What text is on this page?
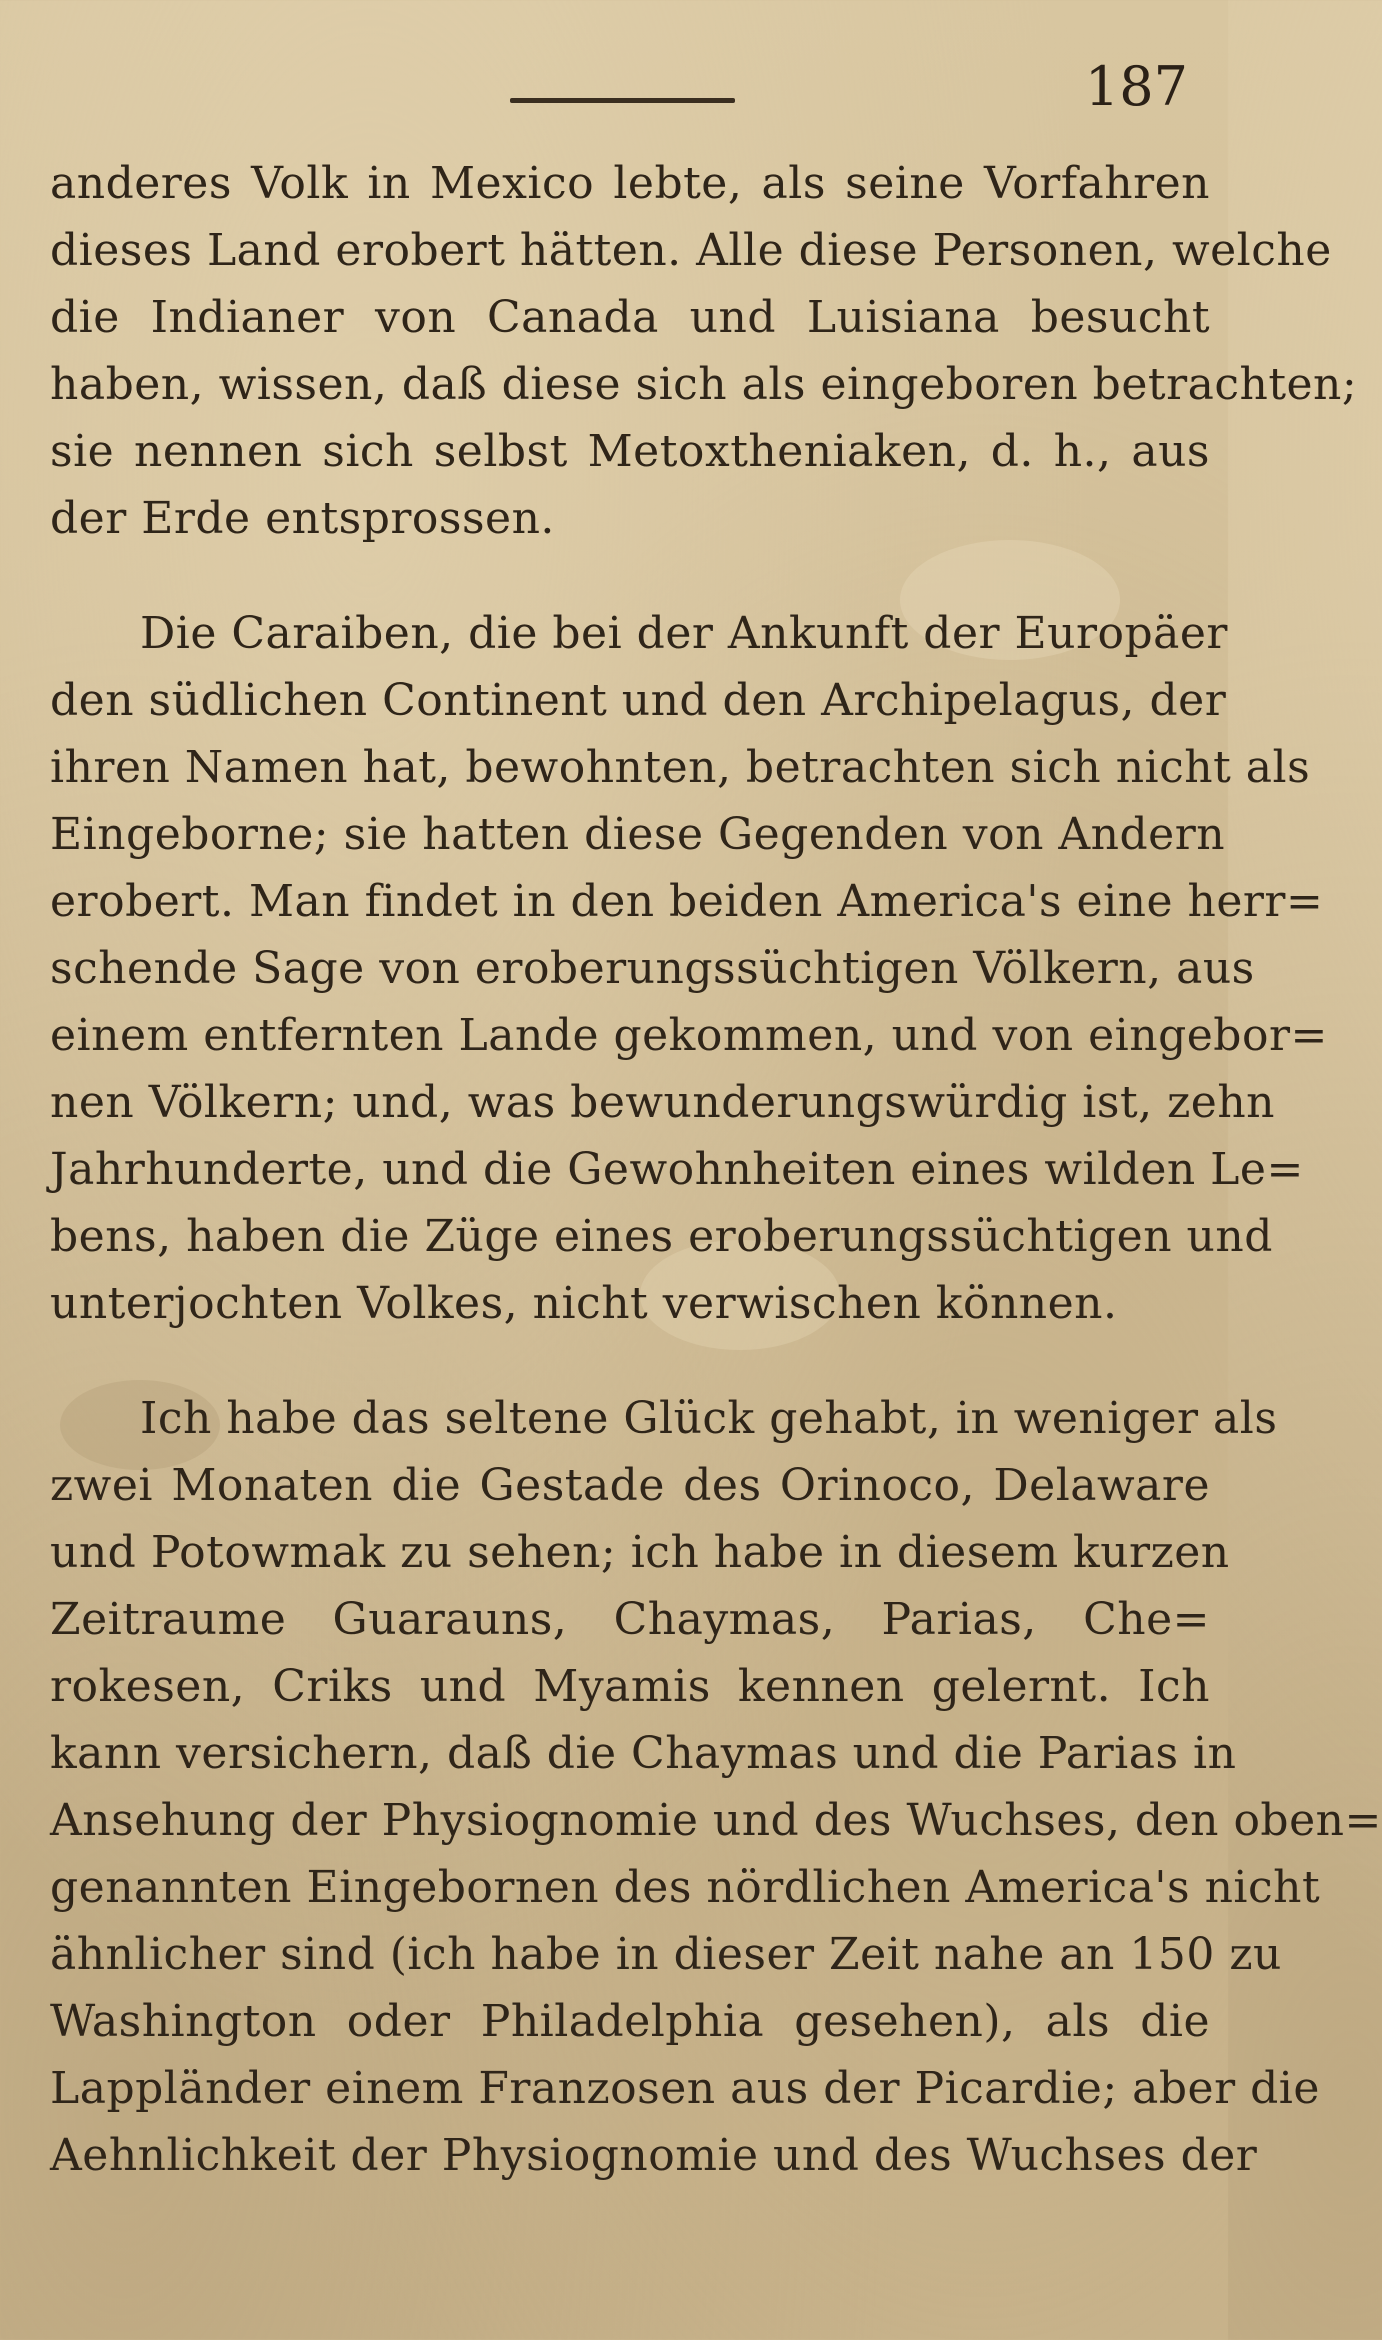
187
anderes Volk in Mexico lebte, als seine Vorfahren
dieses Land erobert hätten. Alle diese Personen, welche
die Indianer von Canada und Luisiana besucht
haben, wissen, daß diese sich als eingeboren betrachten;
sie nennen sich selbst Metoxtheniaken, d. h., aus
der Erde entsprossen.
Die Caraiben, die bei der Ankunft der Europäer
den südlichen Continent und den Archipelagus, der
ihren Namen hat, bewohnten, betrachten sich nicht als
Eingeborne; sie hatten diese Gegenden von Andern
erobert. Man findet in den beiden America's eine herr=
schende Sage von eroberungssüchtigen Völkern, aus
einem entfernten Lande gekommen, und von eingebor=
nen Völkern; und, was bewunderungswürdig ist, zehn
Jahrhunderte, und die Gewohnheiten eines wilden Le=
bens, haben die Züge eines eroberungssüchtigen und
unterjochten Volkes, nicht verwischen können.
Ich habe das seltene Glück gehabt, in weniger als
zwei Monaten die Gestade des Orinoco, Delaware
und Potowmak zu sehen; ich habe in diesem kurzen
Zeitraume Guarauns, Chaymas, Parias, Che=
rokesen, Criks und Myamis kennen gelernt. Ich
kann versichern, daß die Chaymas und die Parias in
Ansehung der Physiognomie und des Wuchses, den oben=
genannten Eingebornen des nördlichen America's nicht
ähnlicher sind (ich habe in dieser Zeit nahe an 150 zu
Washington oder Philadelphia gesehen), als die
Lappländer einem Franzosen aus der Picardie; aber die
Aehnlichkeit der Physiognomie und des Wuchses der
